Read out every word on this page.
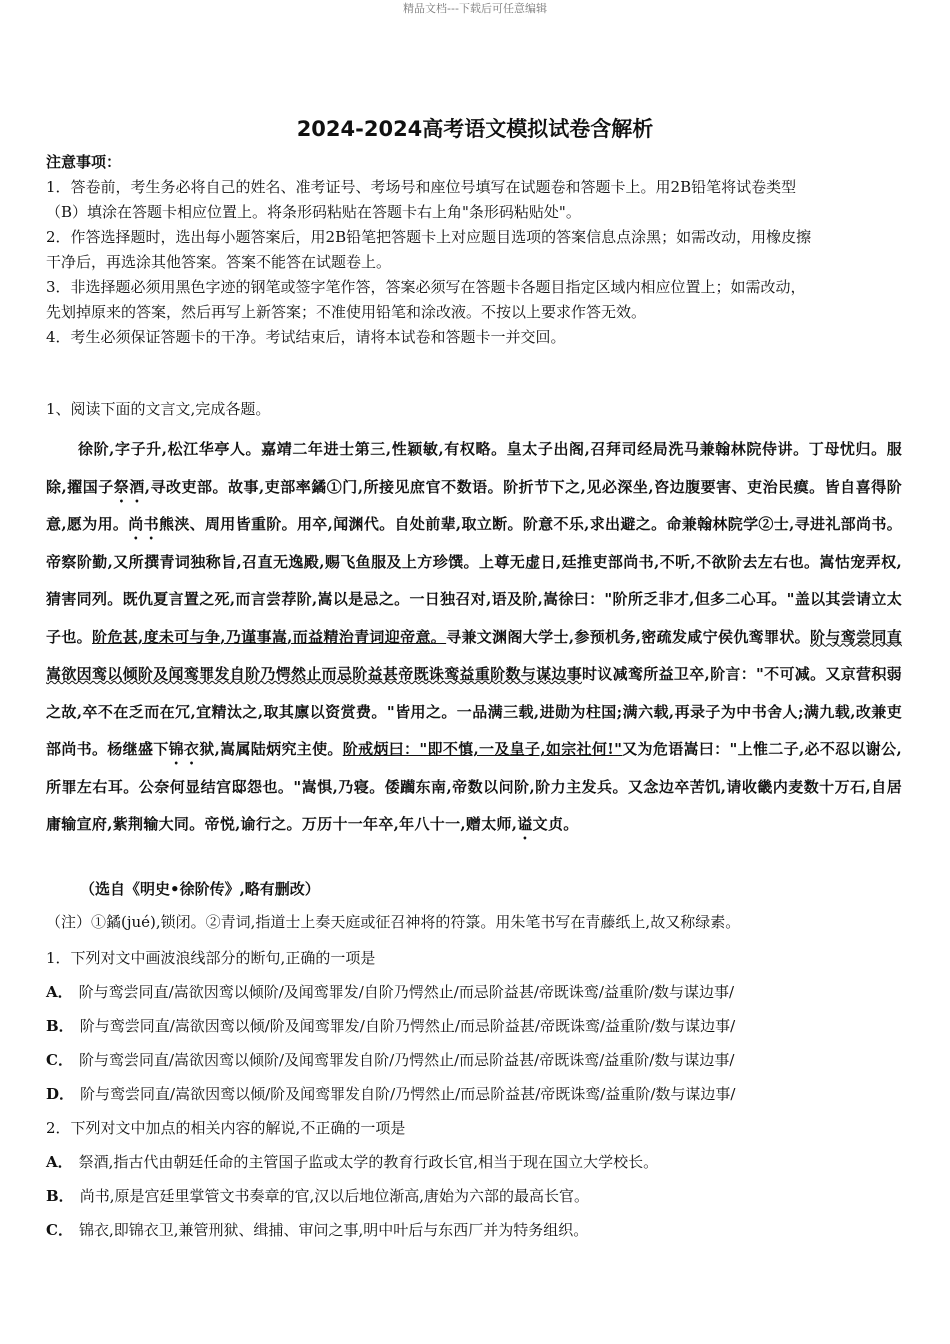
精品文档---下载后可任意编辑
2024-2024高考语文模拟试卷含解析
注意事项：
1．答卷前，考生务必将自己的姓名、准考证号、考场号和座位号填写在试题卷和答题卡上。用2B铅笔将试卷类型
（B）填涂在答题卡相应位置上。将条形码粘贴在答题卡右上角"条形码粘贴处"。
2．作答选择题时，选出每小题答案后，用2B铅笔把答题卡上对应题目选项的答案信息点涂黑；如需改动，用橡皮擦
干净后，再选涂其他答案。答案不能答在试题卷上。
3．非选择题必须用黑色字迹的钢笔或签字笔作答，答案必须写在答题卡各题目指定区域内相应位置上；如需改动，
先划掉原来的答案，然后再写上新答案；不准使用铅笔和涂改液。不按以上要求作答无效。
4．考生必须保证答题卡的干净。考试结束后，请将本试卷和答题卡一并交回。
1、阅读下面的文言文,完成各题。
徐阶,字子升,松江华亭人。嘉靖二年进士第三,性颖敏,有权略。皇太子出阁,召拜司经局洗马兼翰林院侍讲。丁母忧归。服除,擢国子祭酒,寻改吏部。故事,吏部率鐍①门,所接见庶官不数语。阶折节下之,见必深坐,咨边腹要害、吏治民瘼。皆自喜得阶意,愿为用。尚书熊浃、周用皆重阶。用卒,闻渊代。自处前辈,取立断。阶意不乐,求出避之。命兼翰林院学②士,寻进礼部尚书。帝察阶勤,又所撰青词独称旨,召直无逸殿,赐飞鱼服及上方珍馔。上尊无虚日,廷推吏部尚书,不听,不欲阶去左右也。嵩怙宠弄权,猜害同列。既仇夏言置之死,而言尝荐阶,嵩以是忌之。一日独召对,语及阶,嵩徐曰："阶所乏非才,但多二心耳。"盖以其尝请立太子也。阶危甚,度未可与争,乃谨事嵩,而益精治青词迎帝意。寻兼文渊阁大学士,参预机务,密疏发咸宁侯仇鸾罪状。阶与鸾尝同直嵩欲因鸾以倾阶及闻鸾罪发自阶乃愕然止而忌阶益甚帝既诛鸾益重阶数与谋边事时议减鸾所益卫卒,阶言："不可减。又京营积弱之故,卒不在乏而在冗,宜精汰之,取其廪以资赏费。"皆用之。一品满三载,进勋为柱国;满六载,再录子为中书舍人;满九载,改兼吏部尚书。杨继盛下锦衣狱,嵩属陆炳究主使。阶戒炳曰："即不慎,一及皇子,如宗社何!"又为危语嵩曰："上惟二子,必不忍以谢公,所罪左右耳。公奈何显结宫邸怨也。"嵩惧,乃寝。倭躏东南,帝数以问阶,阶力主发兵。又念边卒苦饥,请收畿内麦数十万石,自居庸输宣府,紫荆输大同。帝悦,谕行之。万历十一年卒,年八十一,赠太师,谥文贞。
（选自《明史•徐阶传》,略有删改）
（注）①鐍(jué),锁闭。②青词,指道士上奏天庭或征召神将的符箓。用朱笔书写在青藤纸上,故又称绿素。
1．下列对文中画波浪线部分的断句,正确的一项是
A． 阶与鸾尝同直/嵩欲因鸾以倾阶/及闻鸾罪发/自阶乃愕然止/而忌阶益甚/帝既诛鸾/益重阶/数与谋边事/
B． 阶与鸾尝同直/嵩欲因鸾以倾/阶及闻鸾罪发/自阶乃愕然止/而忌阶益甚/帝既诛鸾/益重阶/数与谋边事/
C． 阶与鸾尝同直/嵩欲因鸾以倾阶/及闻鸾罪发自阶/乃愕然止/而忌阶益甚/帝既诛鸾/益重阶/数与谋边事/
D． 阶与鸾尝同直/嵩欲因鸾以倾/阶及闻鸾罪发自阶/乃愕然止/而忌阶益甚/帝既诛鸾/益重阶/数与谋边事/
2．下列对文中加点的相关内容的解说,不正确的一项是
A． 祭酒,指古代由朝廷任命的主管国子监或太学的教育行政长官,相当于现在国立大学校长。
B． 尚书,原是宫廷里掌管文书奏章的官,汉以后地位渐高,唐始为六部的最高长官。
C． 锦衣,即锦衣卫,兼管刑狱、缉捕、审问之事,明中叶后与东西厂并为特务组织。
